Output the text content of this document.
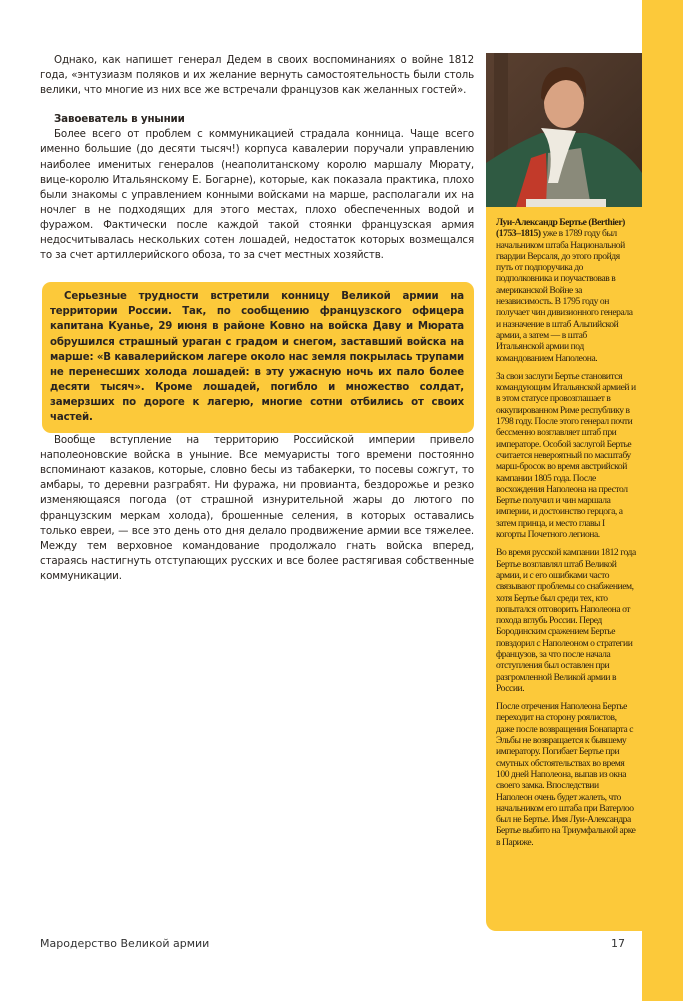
Однако, как напишет генерал Дедем в своих воспоминаниях о войне 1812 года, «энтузиазм поляков и их желание вернуть самостоятельность были столь велики, что многие из них все же встречали французов как желанных гостей».

Завоеватель в унынии

Более всего от проблем с коммуникацией страдала конница. Чаще всего именно большие (до десяти тысяч!) корпуса кавалерии поручали управлению наиболее именитых генералов (неаполитанскому королю маршалу Мюрату, вице-королю Итальянскому Е. Богарне), которые, как показала практика, плохо были знакомы с управлением конными войсками на марше, располагали их на ночлег в не подходящих для этого местах, плохо обеспеченных водой и фуражом. Фактически после каждой такой стоянки французская армия недосчитывалась нескольких сотен лошадей, недостаток которых возмещался то за счет артиллерийского обоза, то за счет местных хозяйств.

Серьезные трудности встретили конницу Великой армии на территории России. Так, по сообщению французского офицера капитана Куанье, 29 июня в районе Ковно на войска Даву и Мюрата обрушился страшный ураган с градом и снегом, заставший войска на марше: «В кавалерийском лагере около нас земля покрылась трупами не перенесших холода лошадей: в эту ужасную ночь их пало более десяти тысяч». Кроме лошадей, погибло и множество солдат, замерзших по дороге к лагерю, многие сотни отбились от своих частей.

Вообще вступление на территорию Российской империи привело наполеоновские войска в уныние. Все мемуаристы того времени постоянно вспоминают казаков, которые, словно бесы из табакерки, то посевы сожгут, то амбары, то деревни разграбят. Ни фуража, ни провианта, бездорожье и резко изменяющаяся погода (от страшной изнурительной жары до лютого по французским меркам холода), брошенные селения, в которых оставались только евреи, — все это день ото дня делало продвижение армии все тяжелее. Между тем верховное командование продолжало гнать войска вперед, стараясь настигнуть отступающих русских и все более растягивая собственные коммуникации.

Луи-Александр Бертье (Berthier) (1753–1815) уже в 1789 году был начальником штаба Национальной гвардии Версаля, до этого пройдя путь от подпоручика до подполковника и поучаствовав в американской Войне за независимость. В 1795 году он получает чин дивизионного генерала и назначение в штаб Альпийской армии, а затем — в штаб Итальянской армии под командованием Наполеона.

За свои заслуги Бертье становится командующим Итальянской армией и в этом статусе провозглашает в оккупированном Риме республику в 1798 году. После этого генерал почти бессменно возглавляет штаб при императоре. Особой заслугой Бертье считается невероятный по масштабу марш-бросок во время австрийской кампании 1805 года. После восхождения Наполеона на престол Бертье получил и чин маршала империи, и достоинство герцога, а затем принца, и место главы I когорты Почетного легиона.

Во время русской кампании 1812 года Бертье возглавлял штаб Великой армии, и с его ошибками часто связывают проблемы со снабжением, хотя Бертье был среди тех, кто попытался отговорить Наполеона от похода вглубь России. Перед Бородинским сражением Бертье повздорил с Наполеоном о стратегии французов, за что после начала отступления был оставлен при разгромленной Великой армии в России.

После отречения Наполеона Бертье переходит на сторону роялистов, даже после возвращения Бонапарта с Эльбы не возвращается к бывшему императору. Погибает Бертье при смутных обстоятельствах во время 100 дней Наполеона, выпав из окна своего замка. Впоследствии Наполеон очень будет жалеть, что начальником его штаба при Ватерлоо был не Бертье. Имя Луи-Александра Бертье выбито на Триумфальной арке в Париже.

Мародерство Великой армии	17
